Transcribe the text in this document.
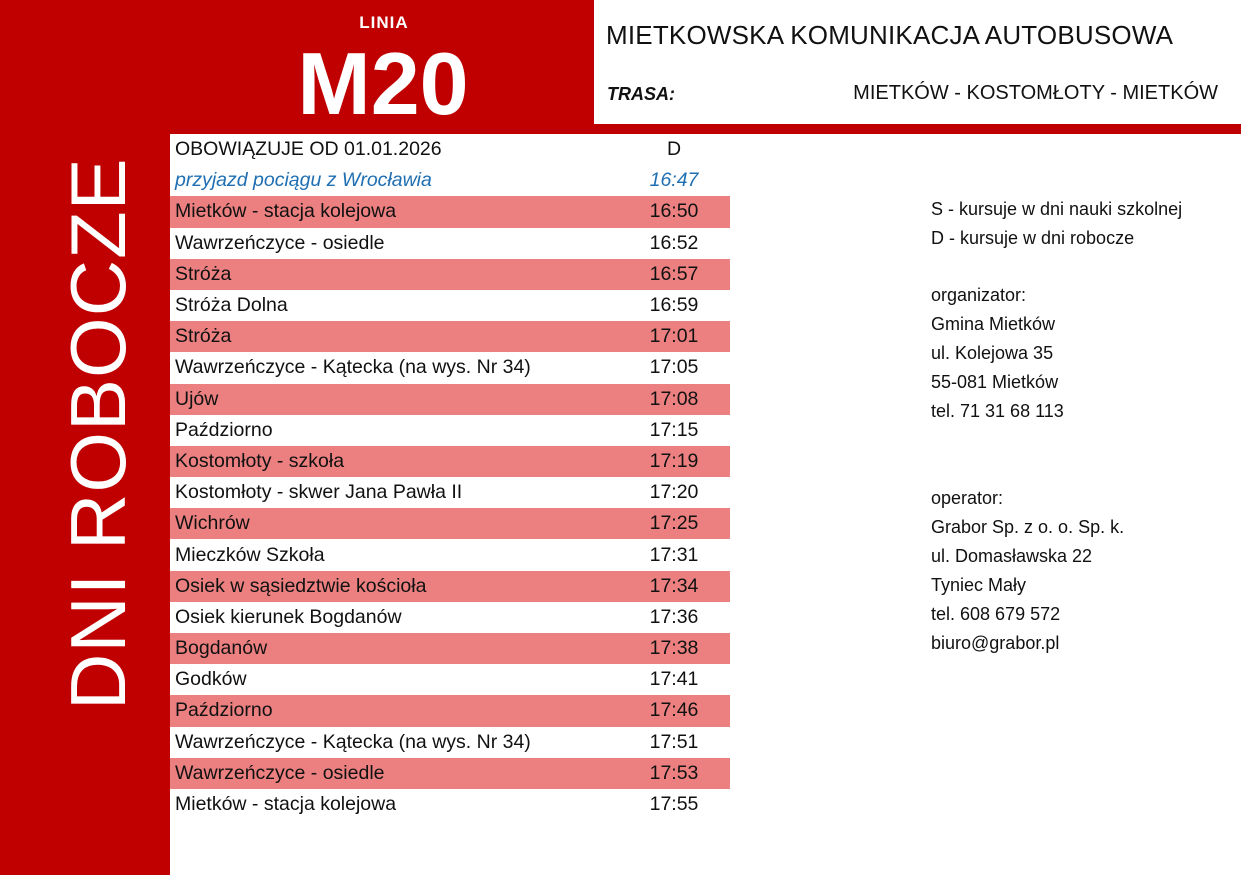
LINIA
M20
DNI ROBOCZE
MIETKOWSKA KOMUNIKACJA AUTOBUSOWA
TRASA:	MIETKÓW - KOSTOMŁOTY - MIETKÓW
OBOWIĄZUJE OD 01.01.2026	D
przyjazd pociągu z Wrocławia	16:47
Mietków - stacja kolejowa	16:50
Wawrzeńczyce - osiedle	16:52
Stróża	16:57
Stróża Dolna	16:59
Stróża	17:01
Wawrzeńczyce - Kątecka (na wys. Nr 34)	17:05
Ujów	17:08
Paździorno	17:15
Kostomłoty - szkoła	17:19
Kostomłoty - skwer Jana Pawła II	17:20
Wichrów	17:25
Mieczków Szkoła	17:31
Osiek w sąsiedztwie kościoła	17:34
Osiek kierunek Bogdanów	17:36
Bogdanów	17:38
Godków	17:41
Paździorno	17:46
Wawrzeńczyce - Kątecka (na wys. Nr 34)	17:51
Wawrzeńczyce - osiedle	17:53
Mietków - stacja kolejowa	17:55
S - kursuje w dni nauki szkolnej
D - kursuje w dni robocze
organizator:
Gmina Mietków
ul. Kolejowa 35
55-081 Mietków
tel. 71 31 68 113
operator:
Grabor Sp. z o. o. Sp. k.
ul. Domasławska 22
Tyniec Mały
tel. 608 679 572
biuro@grabor.pl
